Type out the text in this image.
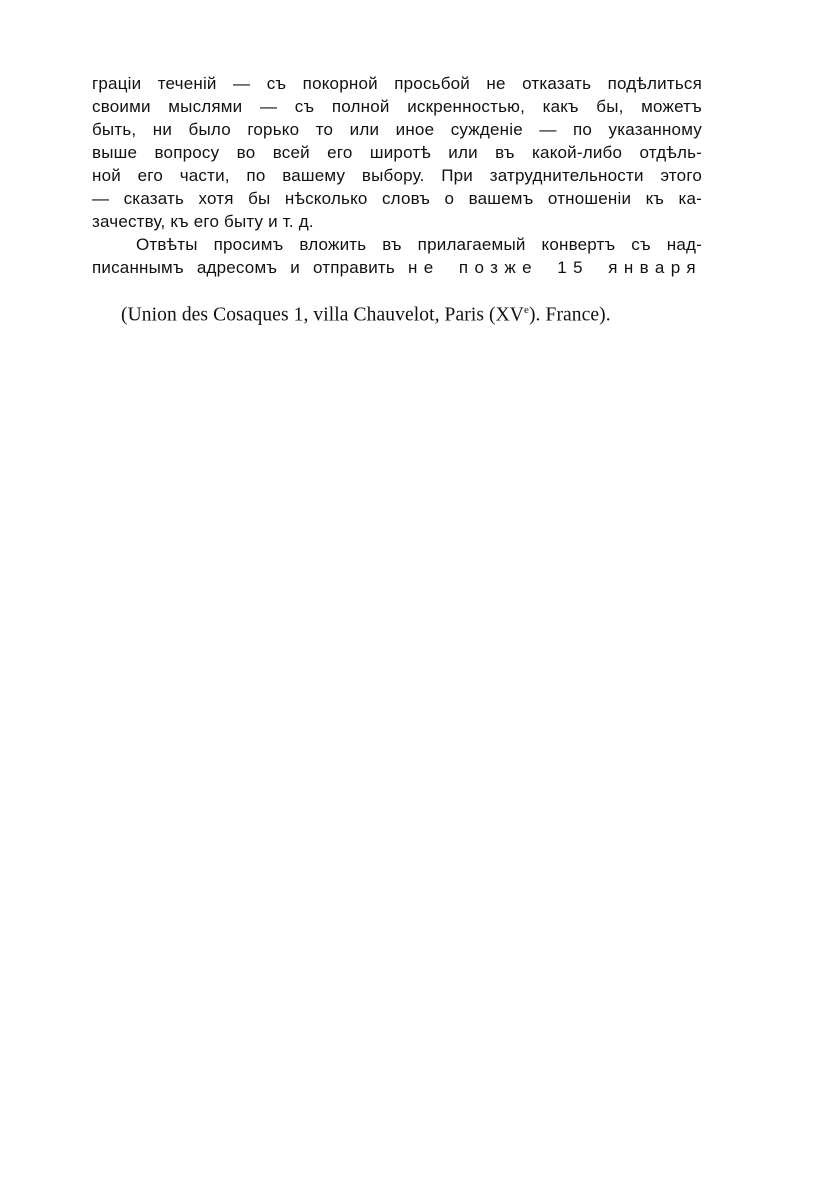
граціи теченій — съ покорной просьбой не отказать подѣлиться
своими мыслями — съ полной искренностью, какъ бы, можетъ
быть, ни было горько то или иное сужденіе — по указанному
выше вопросу во всей его широтѣ или въ какой-либо отдѣль-
ной его части, по вашему выбору. При затруднительности этого
— сказать хотя бы нѣсколько словъ о вашемъ отношеніи къ ка-
зачеству, къ его быту и т. д.
Отвѣты просимъ вложить въ прилагаемый конвертъ съ над-
писаннымъ адресомъ и отправить не позже 15 января
(Union des Cosaques 1, villa Chauvelot, Paris (XVe). France).
